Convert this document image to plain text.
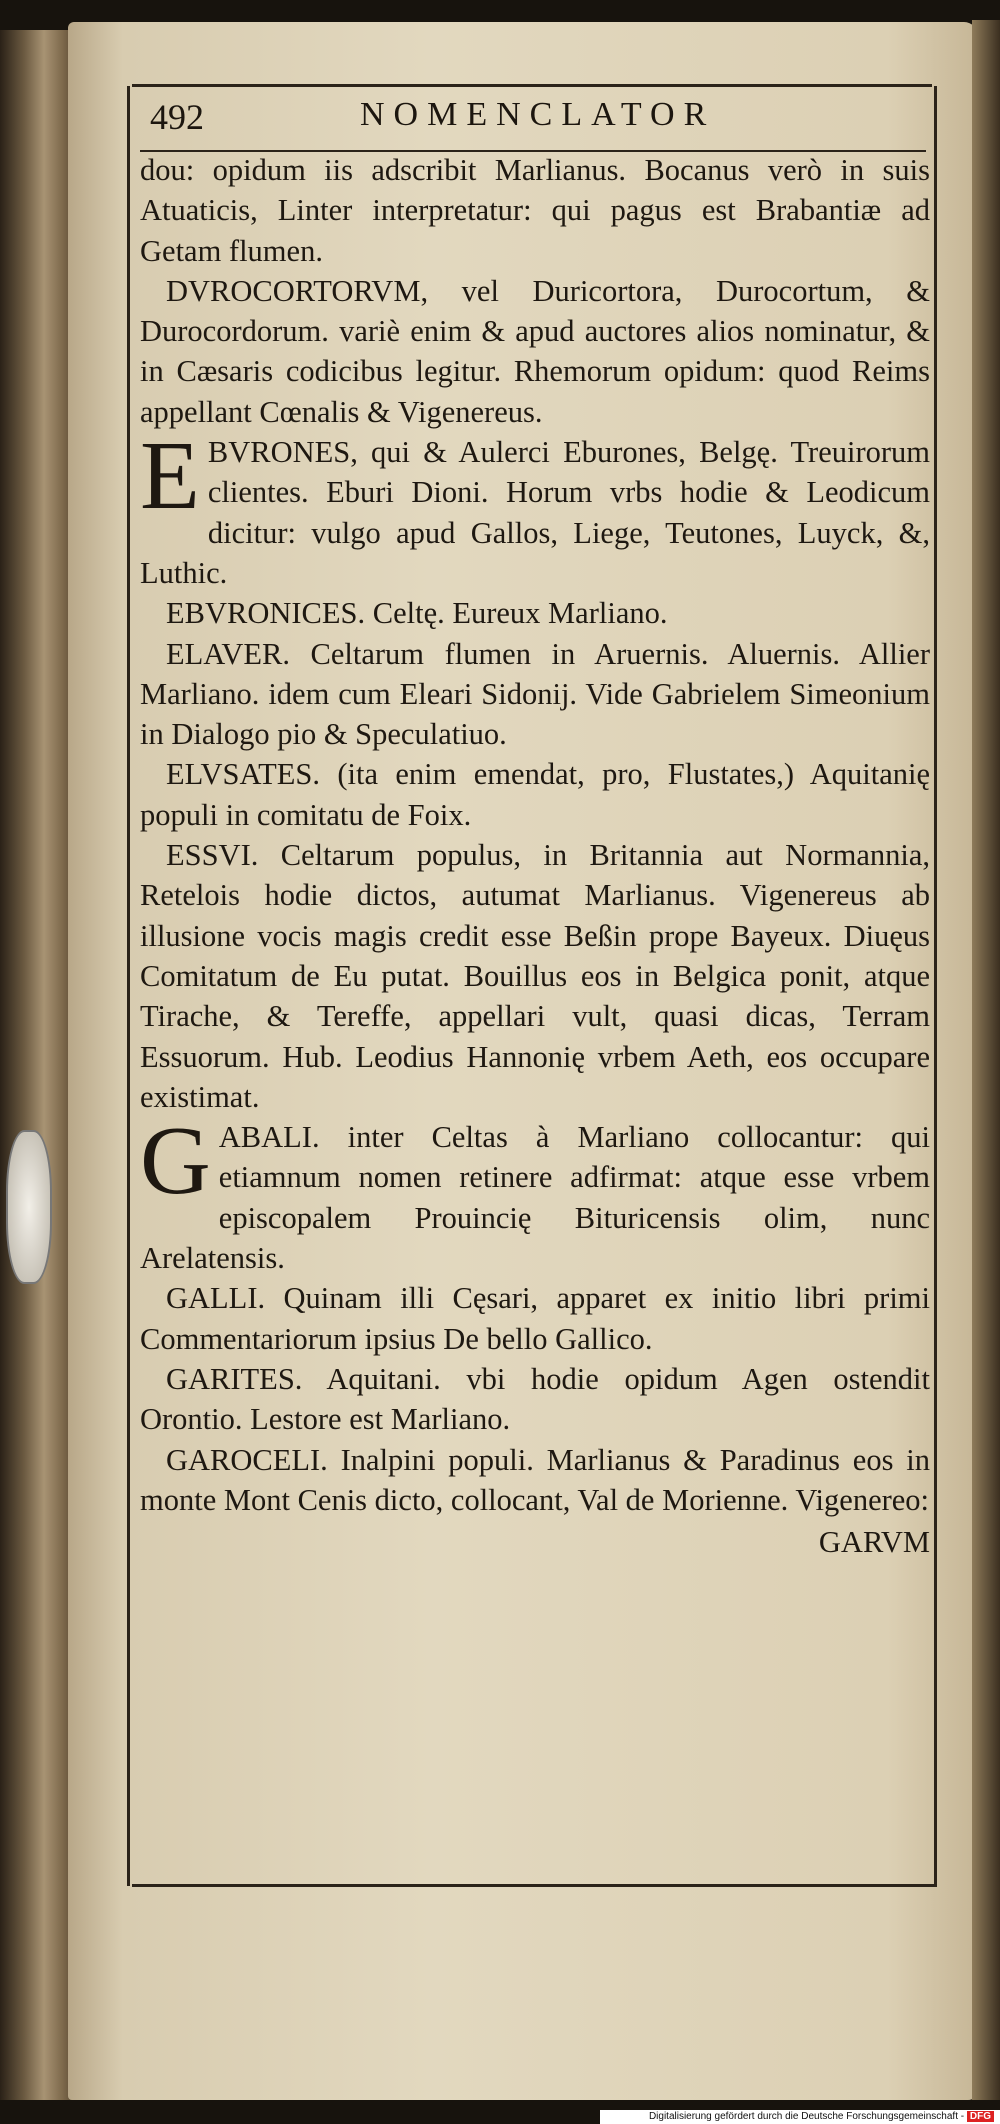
492	NOMENCLATOR

dou: opidum iis adscribit Marlianus. Bocanus verò in suis Atuaticis, Linter interpretatur: qui pagus est Brabantiæ ad Getam flumen.

DVROCORTORVM, vel Duricortora, Durocortum, & Durocordorum. variè enim & apud auctores alios nominatur, & in Cæsaris codicibus legitur. Rhemorum opidum: quod Reims appellant Cœnalis & Vigenereus.

EBVRONES, qui & Aulerci Eburones, Belgę. Treuirorum clientes. Eburi Dioni. Horum vrbs hodie & Leodicum dicitur: vulgo apud Gallos, Liege, Teutones, Luyck, &, Luthic.

EBVRONICES. Celtę. Eureux Marliano.

ELAVER. Celtarum flumen in Aruernis. Aluernis. Allier Marliano. idem cum Eleari Sidonij. Vide Gabrielem Simeonium in Dialogo pio & Speculatiuo.

ELVSATES. (ita enim emendat, pro, Flustates,) Aquitanię populi in comitatu de Foix.

ESSVI. Celtarum populus, in Britannia aut Normannia, Retelois hodie dictos, autumat Marlianus. Vigenereus ab illusione vocis magis credit esse Beßin prope Bayeux. Diuęus Comitatum de Eu putat. Bouillus eos in Belgica ponit, atque Tirache, & Tereffe, appellari vult, quasi dicas, Terram Essuorum. Hub. Leodius Hannonię vrbem Aeth, eos occupare existimat.

GABALI. inter Celtas à Marliano collocantur: qui etiamnum nomen retinere adfirmat: atque esse vrbem episcopalem Prouincię Bituricensis olim, nunc Arelatensis.

GALLI. Quinam illi Cęsari, apparet ex initio libri primi Commentariorum ipsius De bello Gallico.

GARITES. Aquitani. vbi hodie opidum Agen ostendit Orontio. Lestore est Marliano.

GAROCELI. Inalpini populi. Marlianus & Paradinus eos in monte Mont Cenis dicto, collocant, Val de Morienne. Vigenereo:

GARVM

Digitalisierung gefördert durch die Deutsche Forschungsgemeinschaft - DFG
